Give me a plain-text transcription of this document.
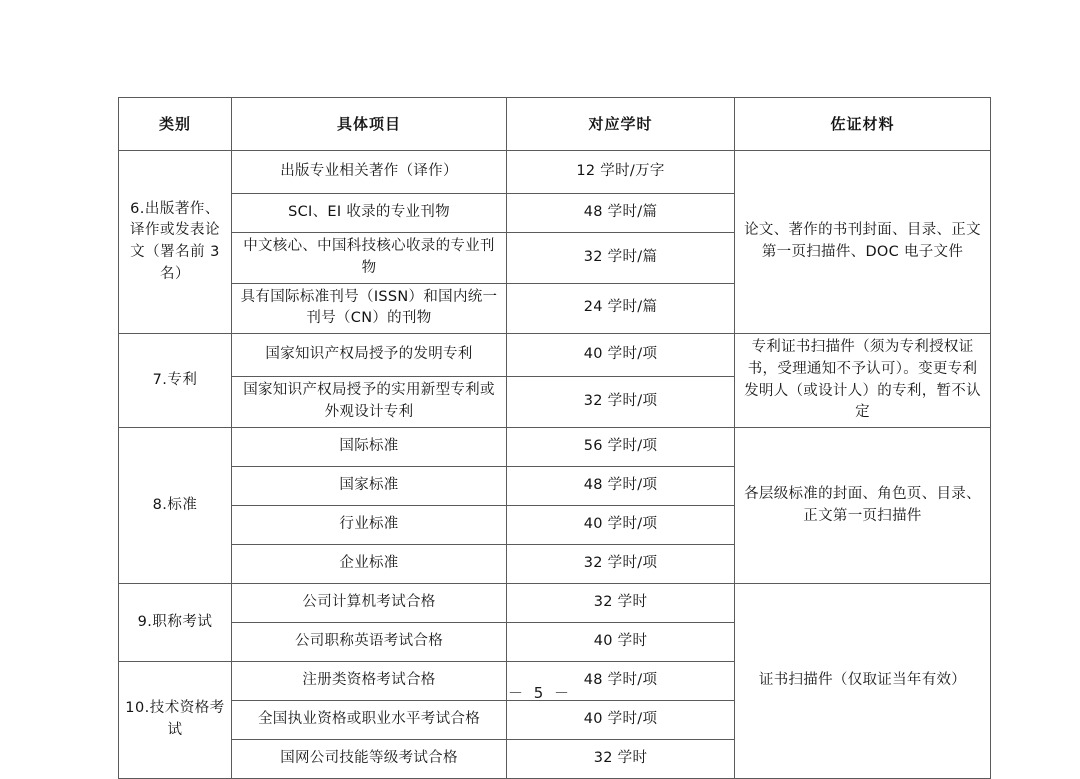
类别	具体项目	对应学时	佐证材料
6.出版著作、译作或发表论文（署名前 3 名）	出版专业相关著作（译作）	12 学时/万字	论文、著作的书刊封面、目录、正文第一页扫描件、DOC 电子文件
	SCI、EI 收录的专业刊物	48 学时/篇	
	中文核心、中国科技核心收录的专业刊物	32 学时/篇	
	具有国际标准刊号（ISSN）和国内统一刊号（CN）的刊物	24 学时/篇	
7.专利	国家知识产权局授予的发明专利	40 学时/项	专利证书扫描件（须为专利授权证书，受理通知不予认可）。变更专利发明人（或设计人）的专利，暂不认定
	国家知识产权局授予的实用新型专利或外观设计专利	32 学时/项	
8.标准	国际标准	56 学时/项	各层级标准的封面、角色页、目录、正文第一页扫描件
	国家标准	48 学时/项	
	行业标准	40 学时/项	
	企业标准	32 学时/项	
9.职称考试	公司计算机考试合格	32 学时	证书扫描件（仅取证当年有效）
	公司职称英语考试合格	40 学时	
10.技术资格考试	注册类资格考试合格	48 学时/项	
	全国执业资格或职业水平考试合格	40 学时/项	
	国网公司技能等级考试合格	32 学时	
－ 5 －
